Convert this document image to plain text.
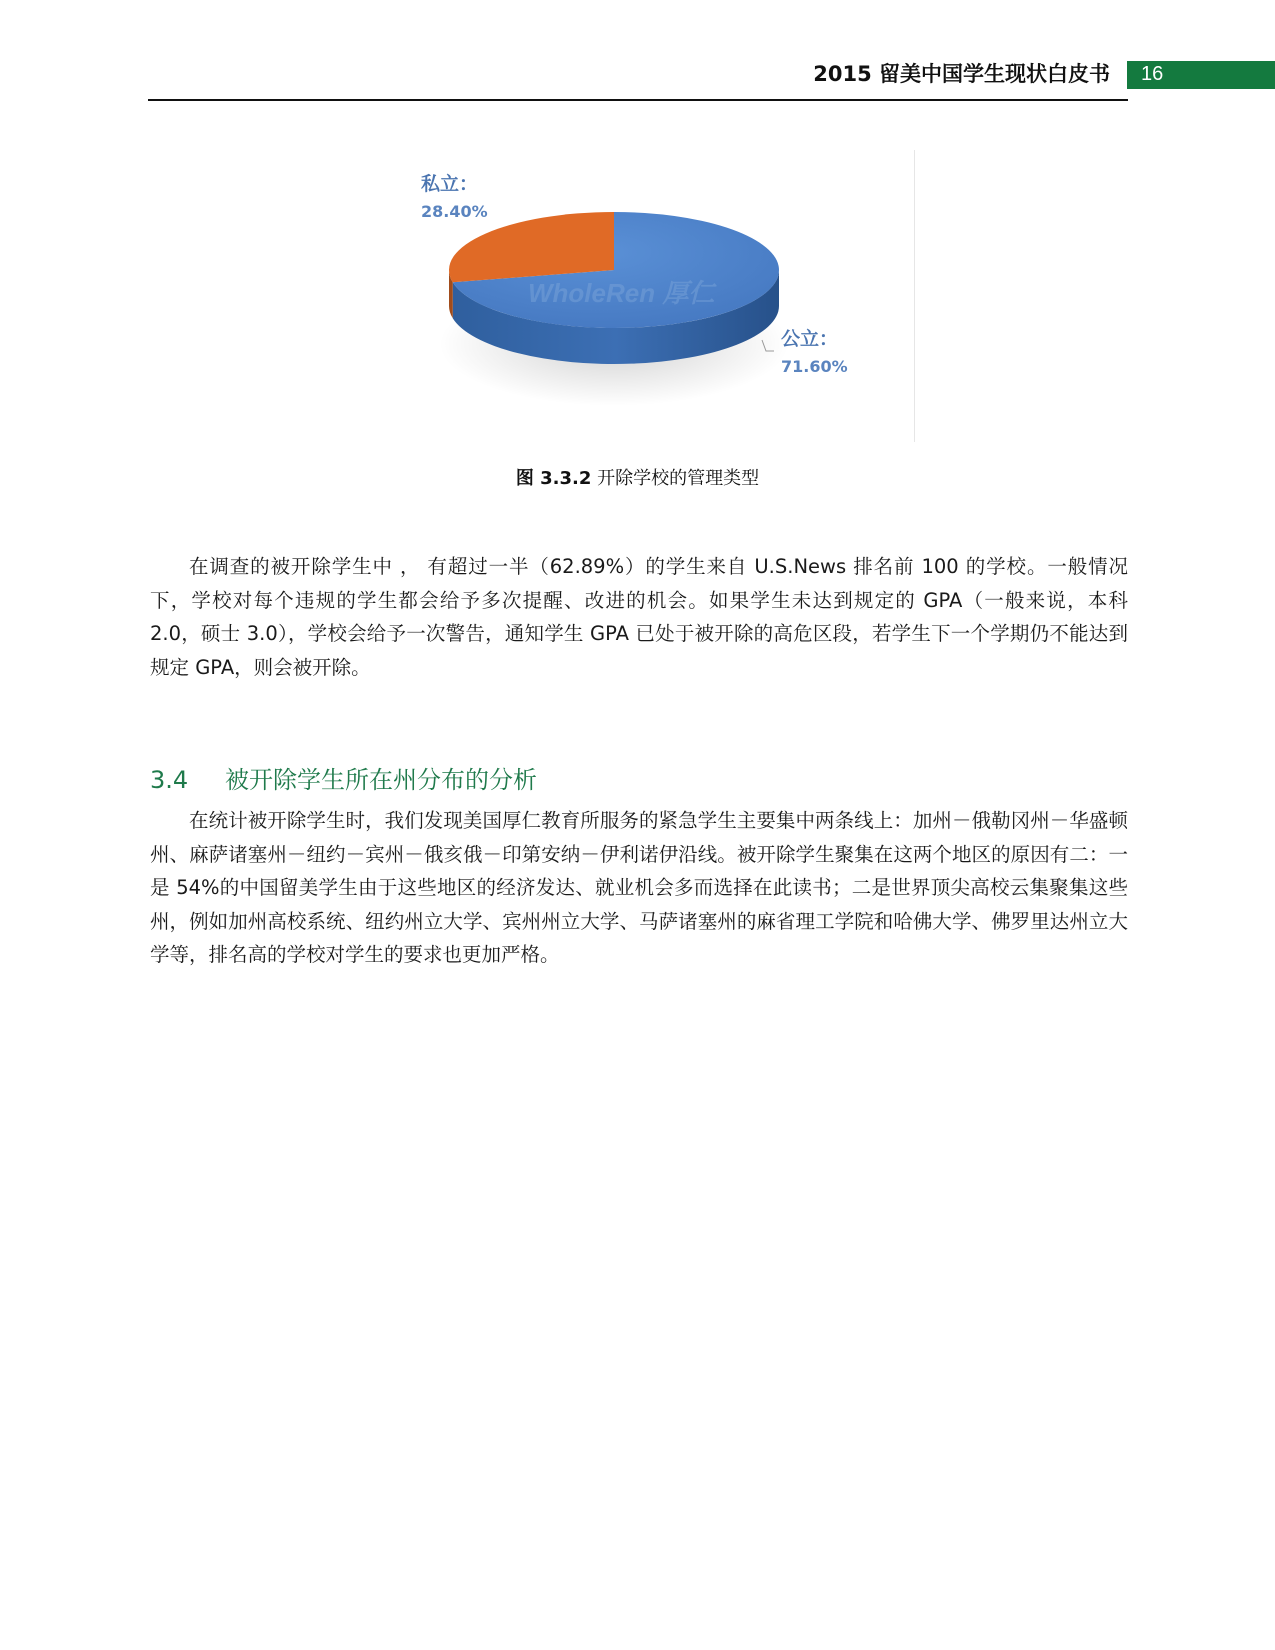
2015 留美中国学生现状白皮书 16
WholeRen 厚仁
私立：
28.40%
公立：
71.60%
图 3.3.2 开除学校的管理类型

在调查的被开除学生中 ， 有超过一半（62.89%）的学生来自 U.S.News 排名前 100 的学校。一般情况下，学校对每个违规的学生都会给予多次提醒、改进的机会。如果学生未达到规定的 GPA（一般来说，本科 2.0，硕士 3.0），学校会给予一次警告，通知学生 GPA 已处于被开除的高危区段，若学生下一个学期仍不能达到规定 GPA，则会被开除。

3.4 被开除学生所在州分布的分析

在统计被开除学生时，我们发现美国厚仁教育所服务的紧急学生主要集中两条线上：加州－俄勒冈州－华盛顿州、麻萨诸塞州－纽约－宾州－俄亥俄－印第安纳－伊利诺伊沿线。被开除学生聚集在这两个地区的原因有二：一是 54%的中国留美学生由于这些地区的经济发达、就业机会多而选择在此读书；二是世界顶尖高校云集聚集这些州，例如加州高校系统、纽约州立大学、宾州州立大学、马萨诸塞州的麻省理工学院和哈佛大学、佛罗里达州立大学等，排名高的学校对学生的要求也更加严格。
